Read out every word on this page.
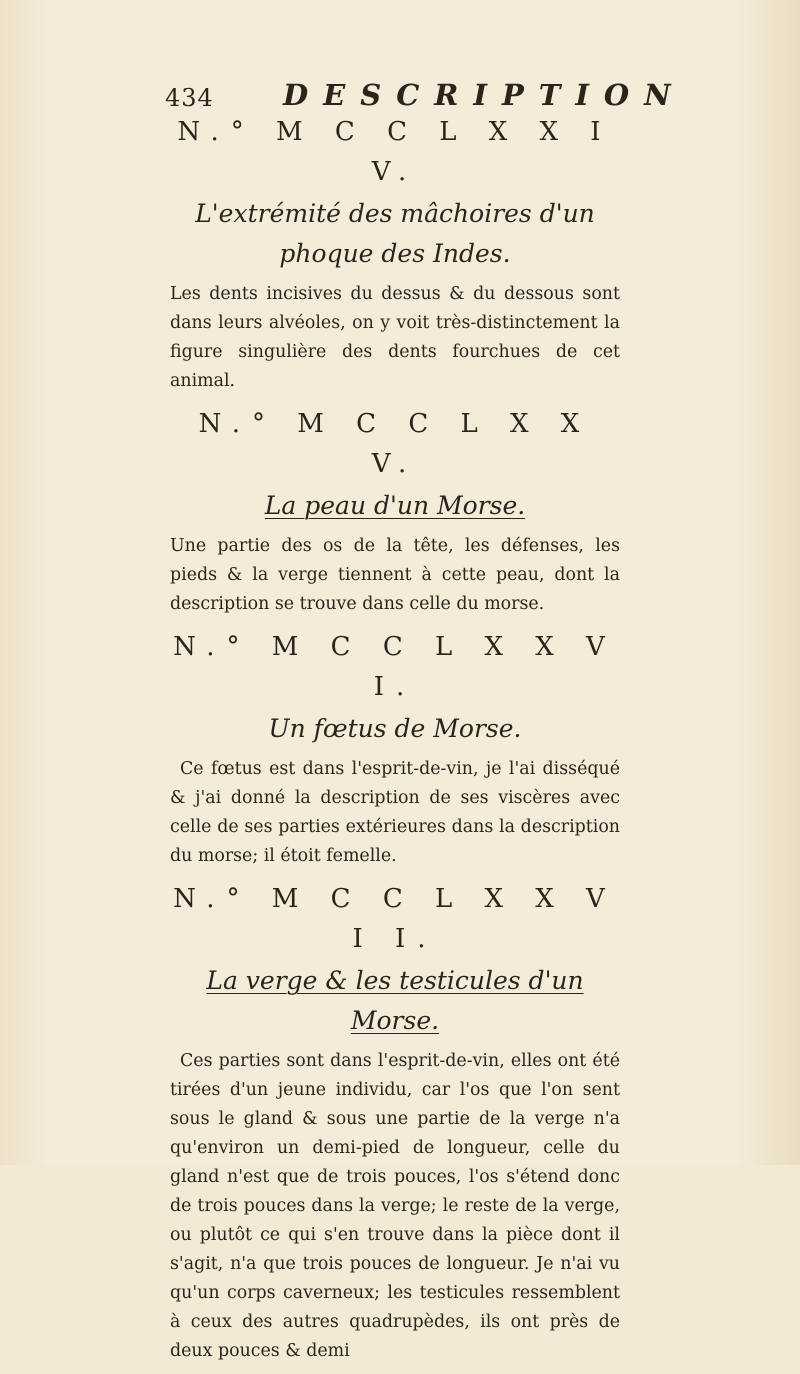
434 DESCRIPTION

N.° M C C L X X I V.

L'extrémité des mâchoires d'un phoque des Indes.

Les dents incisives du dessus & du dessous sont dans leurs alvéoles, on y voit très-distinctement la figure singulière des dents fourchues de cet animal.

N.° M C C L X X V.

La peau d'un Morse.

Une partie des os de la tête, les défenses, les pieds & la verge tiennent à cette peau, dont la description se trouve dans celle du morse.

N.° M C C L X X V I.

Un fœtus de Morse.

Ce fœtus est dans l'esprit-de-vin, je l'ai disséqué & j'ai donné la description de ses viscères avec celle de ses parties extérieures dans la description du morse; il étoit femelle.

N.° M C C L X X V I I.

La verge & les testicules d'un Morse.

Ces parties sont dans l'esprit-de-vin, elles ont été tirées d'un jeune individu, car l'os que l'on sent sous le gland & sous une partie de la verge n'a qu'environ un demi-pied de longueur, celle du gland n'est que de trois pouces, l'os s'étend donc de trois pouces dans la verge; le reste de la verge, ou plutôt ce qui s'en trouve dans la pièce dont il s'agit, n'a que trois pouces de longueur. Je n'ai vu qu'un corps caverneux; les testicules ressemblent à ceux des autres quadrupèdes, ils ont près de deux pouces & demi
